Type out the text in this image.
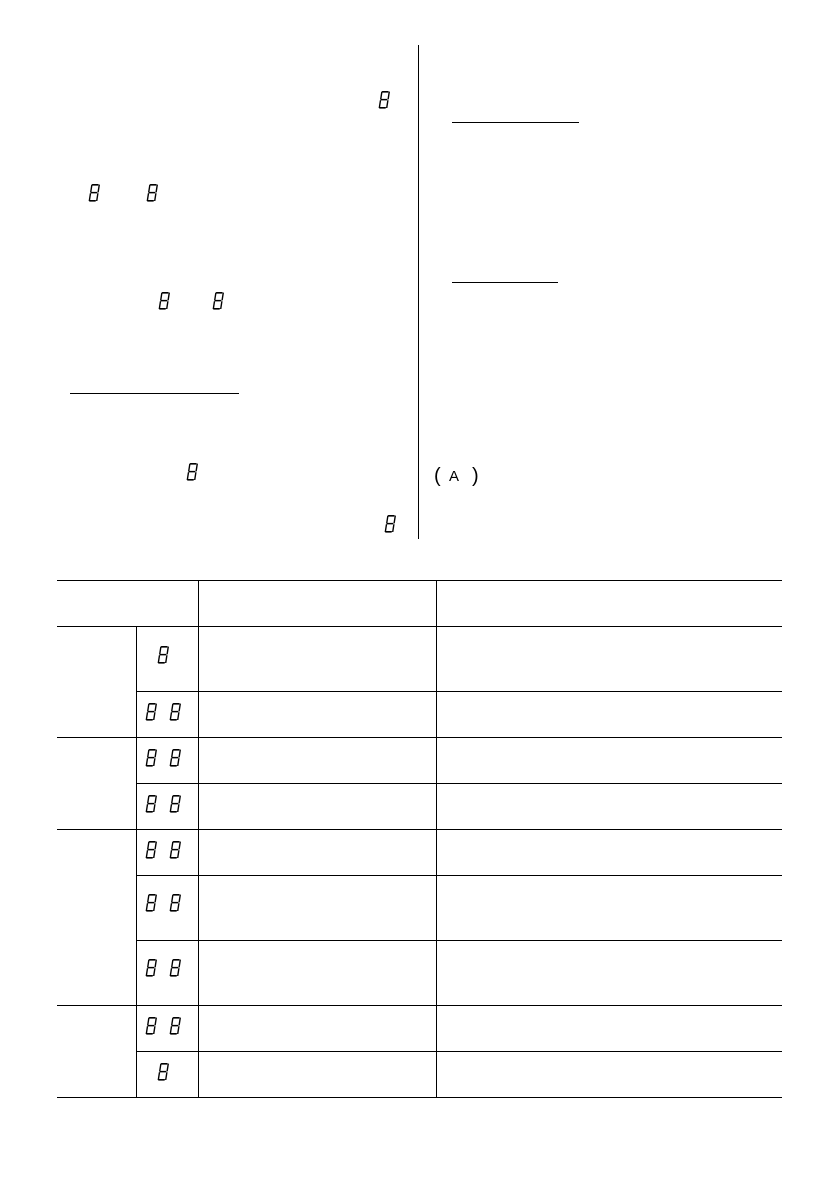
( A )
